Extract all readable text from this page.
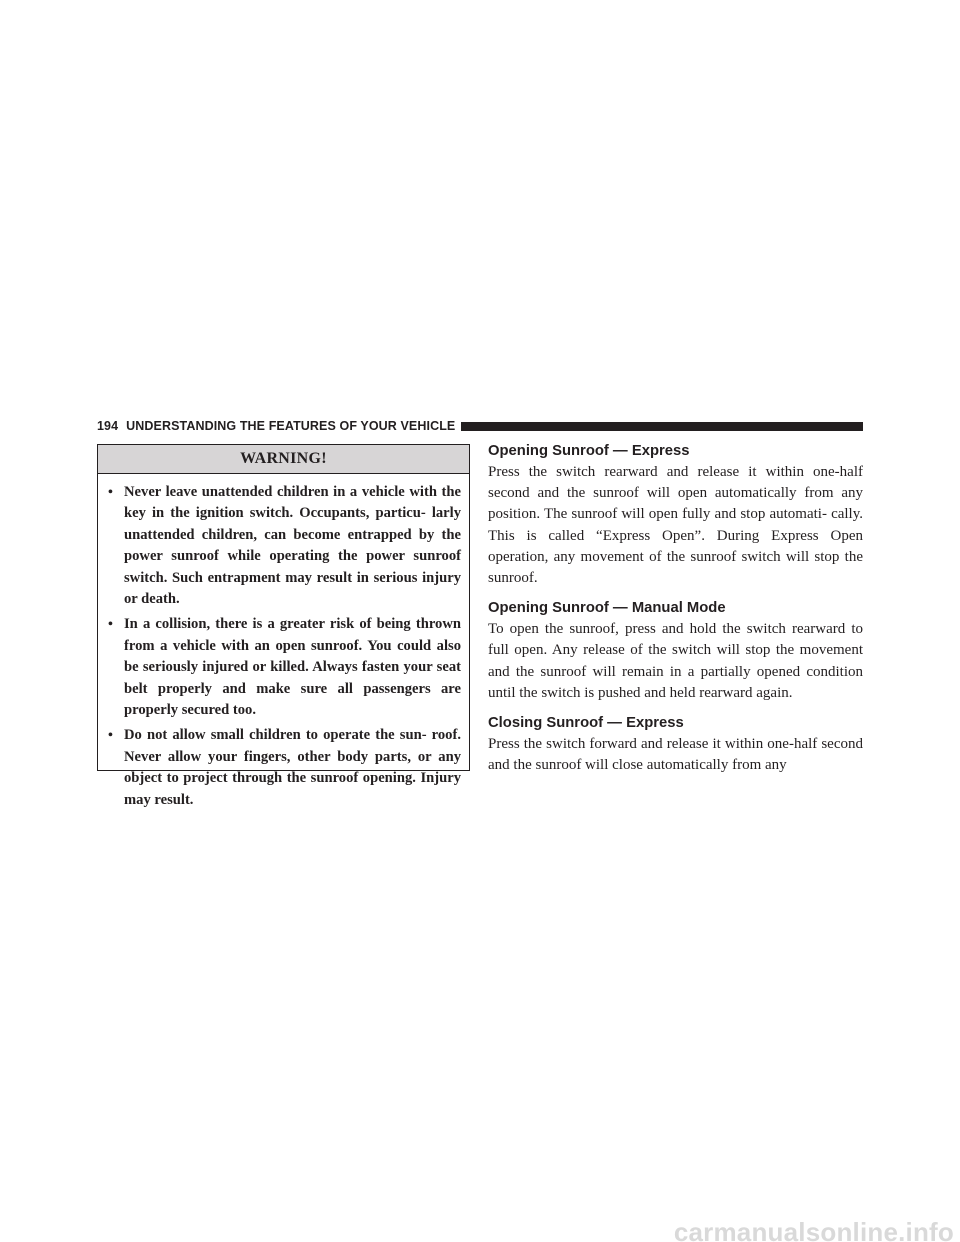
194 UNDERSTANDING THE FEATURES OF YOUR VEHICLE
WARNING!
• Never leave unattended children in a vehicle with the key in the ignition switch. Occupants, particu- larly unattended children, can become entrapped by the power sunroof while operating the power sunroof switch. Such entrapment may result in serious injury or death.
• In a collision, there is a greater risk of being thrown from a vehicle with an open sunroof. You could also be seriously injured or killed. Always fasten your seat belt properly and make sure all passengers are properly secured too.
• Do not allow small children to operate the sun- roof. Never allow your fingers, other body parts, or any object to project through the sunroof opening. Injury may result.
Opening Sunroof — Express

Press the switch rearward and release it within one-half second and the sunroof will open automatically from any position. The sunroof will open fully and stop automati- cally. This is called “Express Open”. During Express Open operation, any movement of the sunroof switch will stop the sunroof.

Opening Sunroof — Manual Mode

To open the sunroof, press and hold the switch rearward to full open. Any release of the switch will stop the movement and the sunroof will remain in a partially opened condition until the switch is pushed and held rearward again.

Closing Sunroof — Express

Press the switch forward and release it within one-half second and the sunroof will close automatically from any

carmanualsonline.info
